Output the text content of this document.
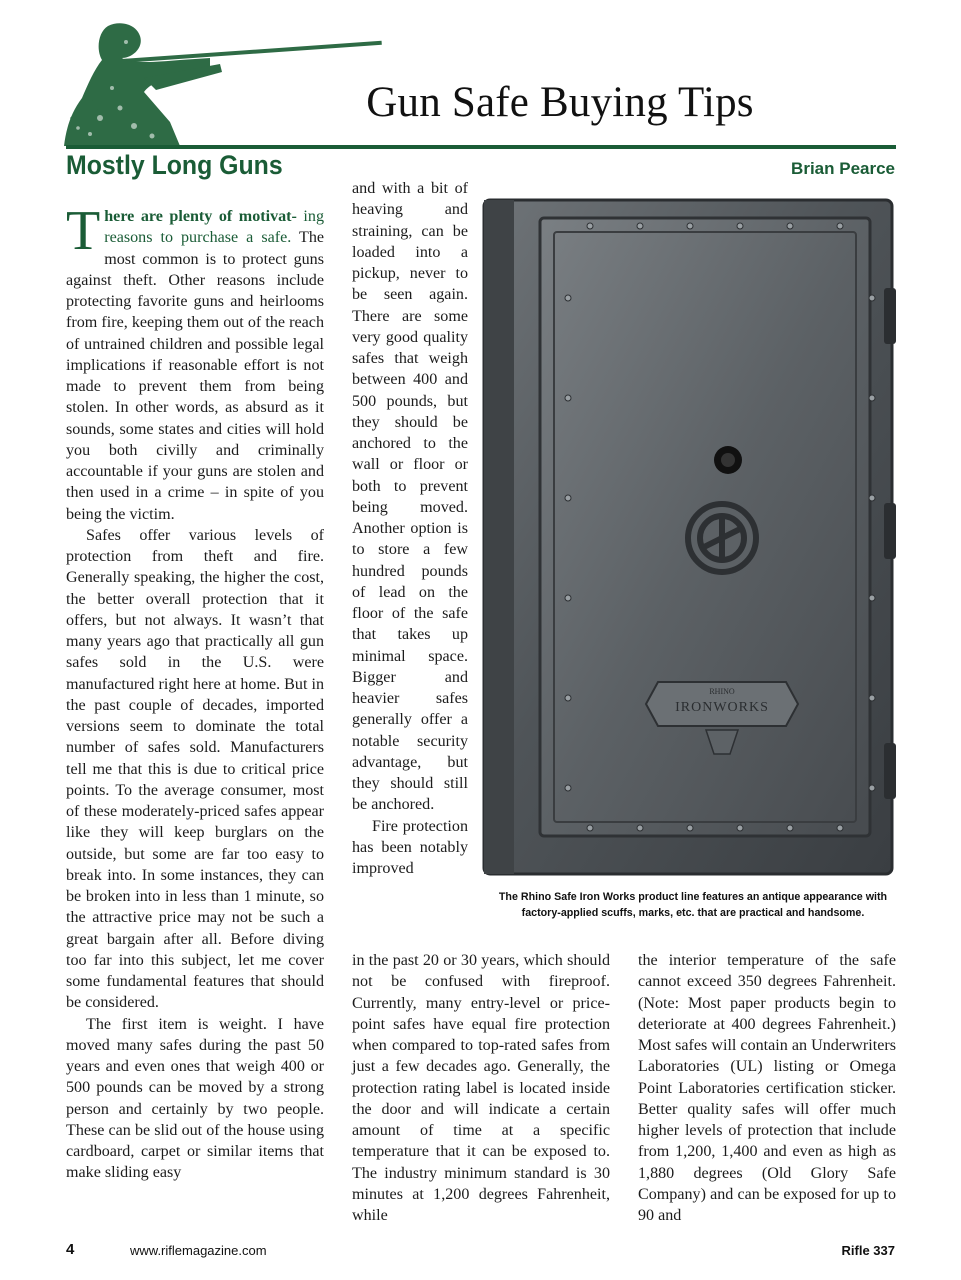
Gun Safe Buying Tips
Mostly Long Guns	Brian Pearce

There are plenty of motivat- ing reasons to purchase a safe. The most common is to protect guns against theft. Other reasons include protecting favorite guns and heirlooms from fire, keeping them out of the reach of untrained children and possible legal implications if reasonable effort is not made to prevent them from being stolen. In other words, as absurd as it sounds, some states and cities will hold you both civilly and criminally accountable if your guns are stolen and then used in a crime – in spite of you being the victim.

Safes offer various levels of protection from theft and fire. Generally speaking, the higher the cost, the better overall protection that it offers, but not always. It wasn’t that many years ago that practically all gun safes sold in the U.S. were manufactured right here at home. But in the past couple of decades, imported versions seem to dominate the total number of safes sold. Manufacturers tell me that this is due to critical price points. To the average consumer, most of these moderately-priced safes appear like they will keep burglars on the outside, but some are far too easy to break into. In some instances, they can be broken into in less than 1 minute, so the attractive price may not be such a great bargain after all. Before diving too far into this subject, let me cover some fundamental features that should be considered.

The first item is weight. I have moved many safes during the past 50 years and even ones that weigh 400 or 500 pounds can be moved by a strong person and certainly by two people. These can be slid out of the house using cardboard, carpet or similar items that make sliding easy

and with a bit of heaving and straining, can be loaded into a pickup, never to be seen again. There are some very good quality safes that weigh between 400 and 500 pounds, but they should be anchored to the wall or floor or both to prevent being moved. Another option is to store a few hundred pounds of lead on the floor of the safe that takes up minimal space. Bigger and heavier safes generally offer a notable security advantage, but they should still be anchored.

Fire protection has been notably improved

in the past 20 or 30 years, which should not be confused with fireproof. Currently, many entry-level or price-point safes have equal fire protection when compared to top-rated safes from just a few decades ago. Generally, the protection rating label is located inside the door and will indicate a certain amount of time at a specific temperature that it can be exposed to. The industry minimum standard is 30 minutes at 1,200 degrees Fahrenheit, while

the interior temperature of the safe cannot exceed 350 degrees Fahrenheit. (Note: Most paper products begin to deteriorate at 400 degrees Fahrenheit.) Most safes will contain an Underwriters Laboratories (UL) listing or Omega Point Laboratories certification sticker. Better quality safes will offer much higher levels of protection that include from 1,200, 1,400 and even as high as 1,880 degrees (Old Glory Safe Company) and can be exposed for up to 90 and

RHINO
IRONWORKS
The Rhino Safe Iron Works product line features an antique appearance with factory-applied scuffs, marks, etc. that are practical and handsome.
4	www.riflemagazine.com	Rifle 337
